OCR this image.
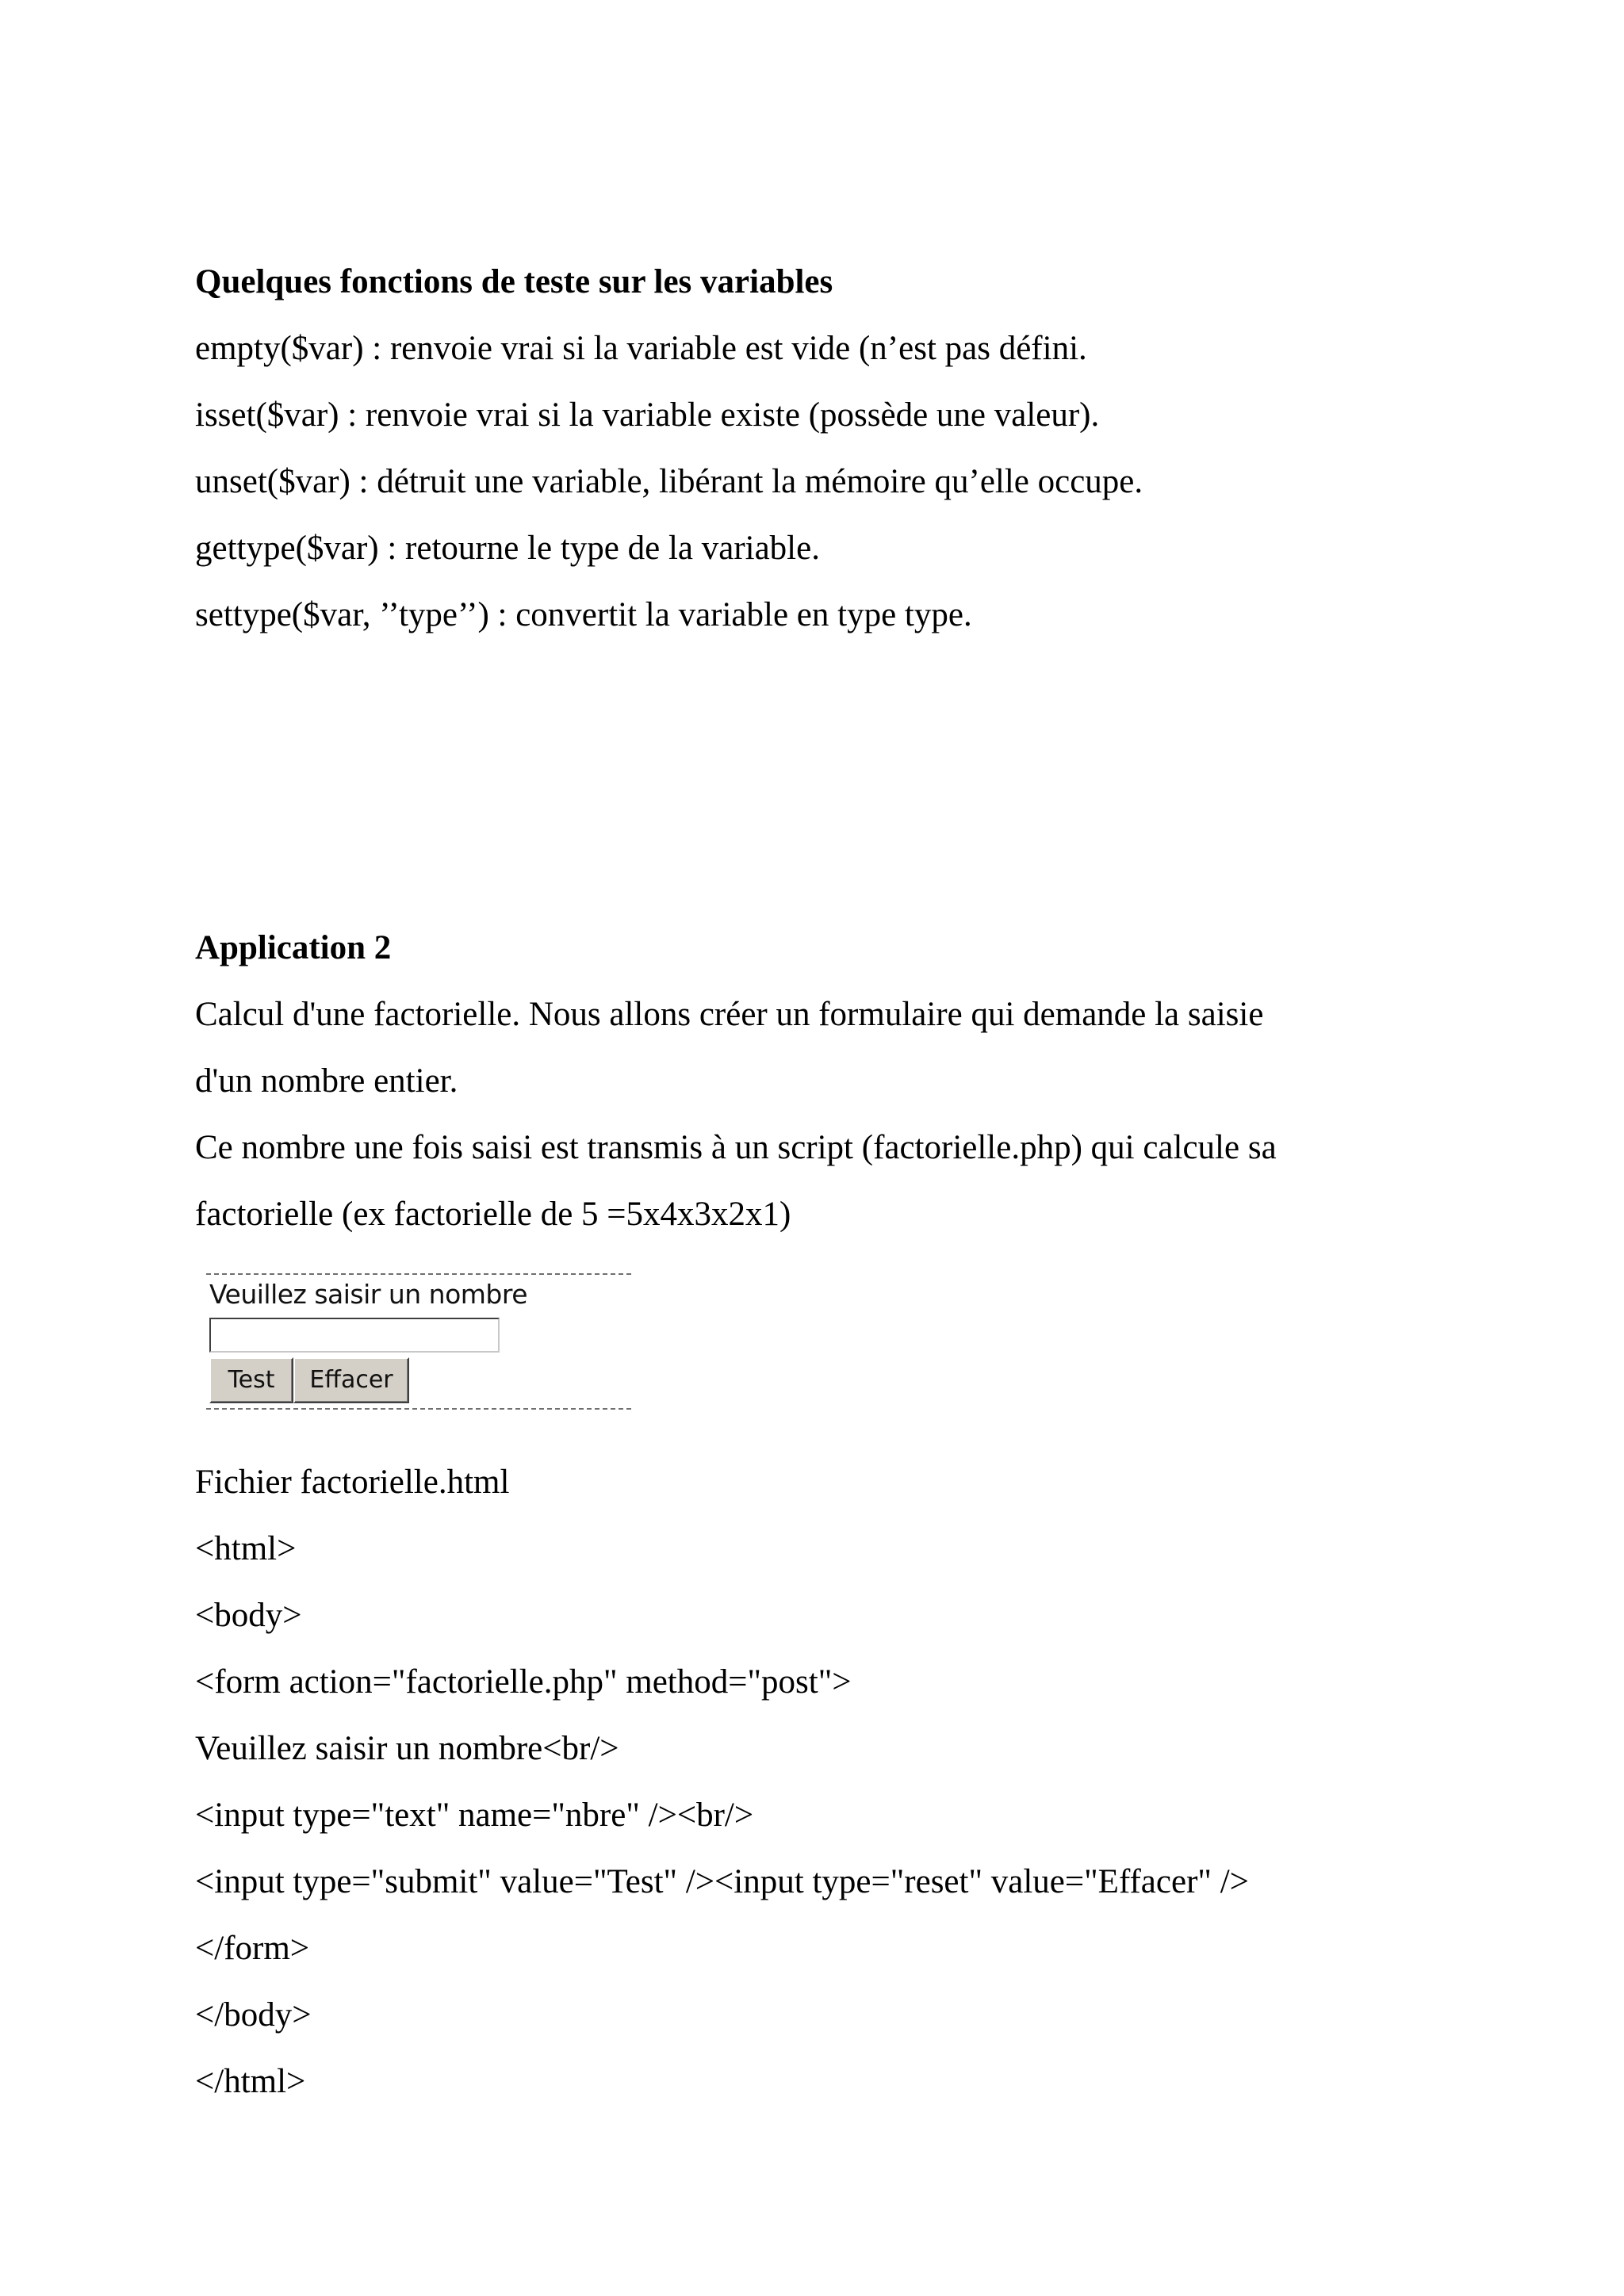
Quelques fonctions de teste sur les variables
empty($var) : renvoie vrai si la variable est vide (n’est pas défini.
isset($var) : renvoie vrai si la variable existe (possède une valeur).
unset($var) : détruit une variable, libérant la mémoire qu’elle occupe.
gettype($var) : retourne le type de la variable.
settype($var, ’’type’’) : convertit la variable en type type.
Application 2
Calcul d'une factorielle. Nous allons créer un formulaire qui demande la saisie
d'un nombre entier.
Ce nombre une fois saisi est transmis à un script (factorielle.php) qui calcule sa
factorielle (ex factorielle de 5 =5x4x3x2x1)
Veuillez saisir un nombre
Test	Effacer
Fichier factorielle.html
<html>
<body>
<form action="factorielle.php" method="post">
Veuillez saisir un nombre<br/>
<input type="text" name="nbre" /><br/>
<input type="submit" value="Test" /><input type="reset" value="Effacer" />
</form>
</body>
</html>
